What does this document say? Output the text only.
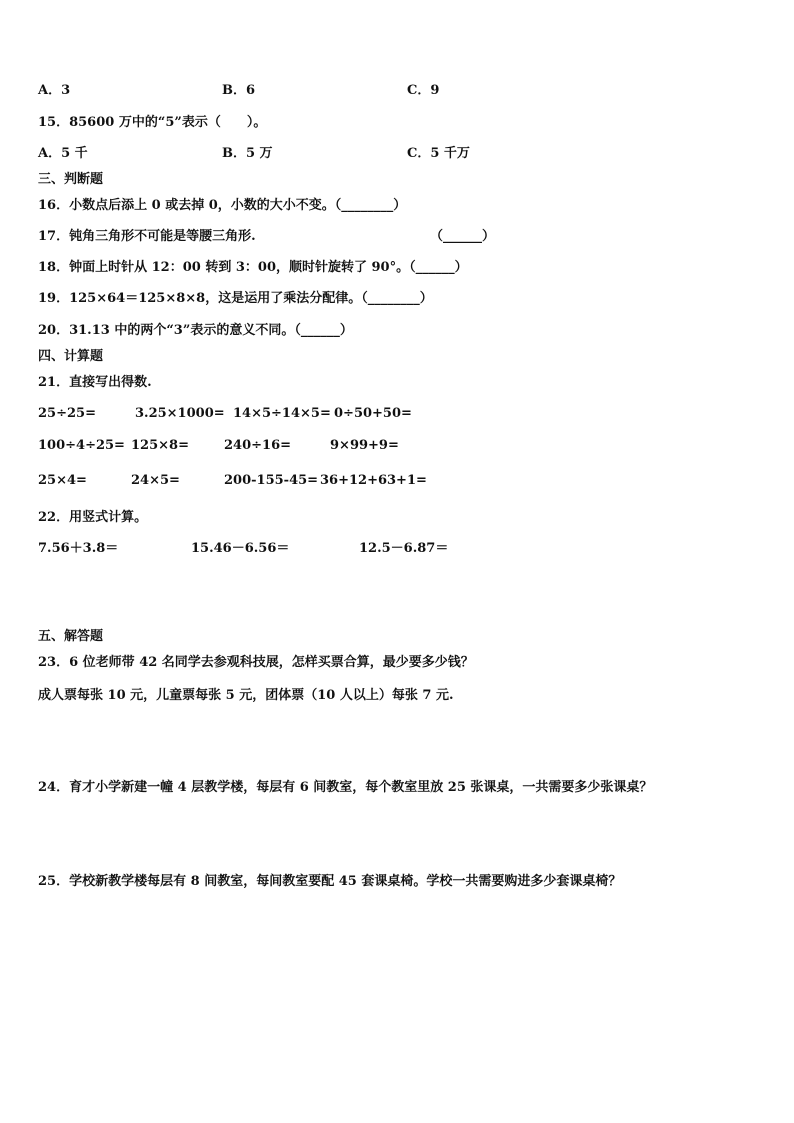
A．3	B．6	C．9
15．85600 万中的“5”表示（　　）。
A．5 千	B．5 万	C．5 千万
三、判断题
16．小数点后添上 0 或去掉 0，小数的大小不变。（________）
17．钝角三角形不可能是等腰三角形.	（______）
18．钟面上时针从 12：00 转到 3：00，顺时针旋转了 90°。（______）
19．125×64＝125×8×8，这是运用了乘法分配律。（________）
20．31.13 中的两个“3”表示的意义不同。（______）
四、计算题
21．直接写出得数.
25÷25=	3.25×1000= 14×5÷14×5= 0÷50+50=
100÷4÷25= 125×8=	240÷16=	9×99+9=
25×4=	24×5=	200-155-45= 36+12+63+1=
22．用竖式计算。
7.56＋3.8＝	15.46－6.56＝	12.5－6.87＝
五、解答题
23．6 位老师带 42 名同学去参观科技展，怎样买票合算，最少要多少钱？
成人票每张 10 元，儿童票每张 5 元，团体票（10 人以上）每张 7 元.
24．育才小学新建一幢 4 层教学楼，每层有 6 间教室，每个教室里放 25 张课桌，一共需要多少张课桌？
25．学校新教学楼每层有 8 间教室，每间教室要配 45 套课桌椅。学校一共需要购进多少套课桌椅？
